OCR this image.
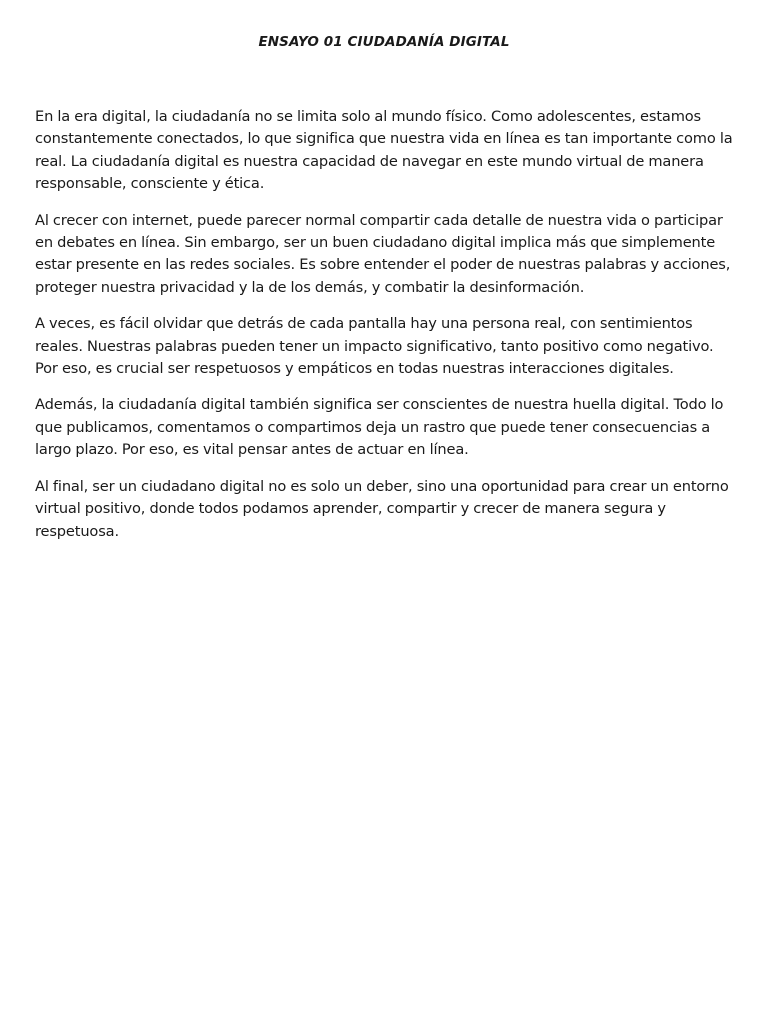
ENSAYO 01 CIUDADANÍA DIGITAL

En la era digital, la ciudadanía no se limita solo al mundo físico. Como adolescentes, estamos constantemente conectados, lo que significa que nuestra vida en línea es tan importante como la real. La ciudadanía digital es nuestra capacidad de navegar en este mundo virtual de manera responsable, consciente y ética.

Al crecer con internet, puede parecer normal compartir cada detalle de nuestra vida o participar en debates en línea. Sin embargo, ser un buen ciudadano digital implica más que simplemente estar presente en las redes sociales. Es sobre entender el poder de nuestras palabras y acciones, proteger nuestra privacidad y la de los demás, y combatir la desinformación.

A veces, es fácil olvidar que detrás de cada pantalla hay una persona real, con sentimientos reales. Nuestras palabras pueden tener un impacto significativo, tanto positivo como negativo. Por eso, es crucial ser respetuosos y empáticos en todas nuestras interacciones digitales.

Además, la ciudadanía digital también significa ser conscientes de nuestra huella digital. Todo lo que publicamos, comentamos o compartimos deja un rastro que puede tener consecuencias a largo plazo. Por eso, es vital pensar antes de actuar en línea.

Al final, ser un ciudadano digital no es solo un deber, sino una oportunidad para crear un entorno virtual positivo, donde todos podamos aprender, compartir y crecer de manera segura y respetuosa.
